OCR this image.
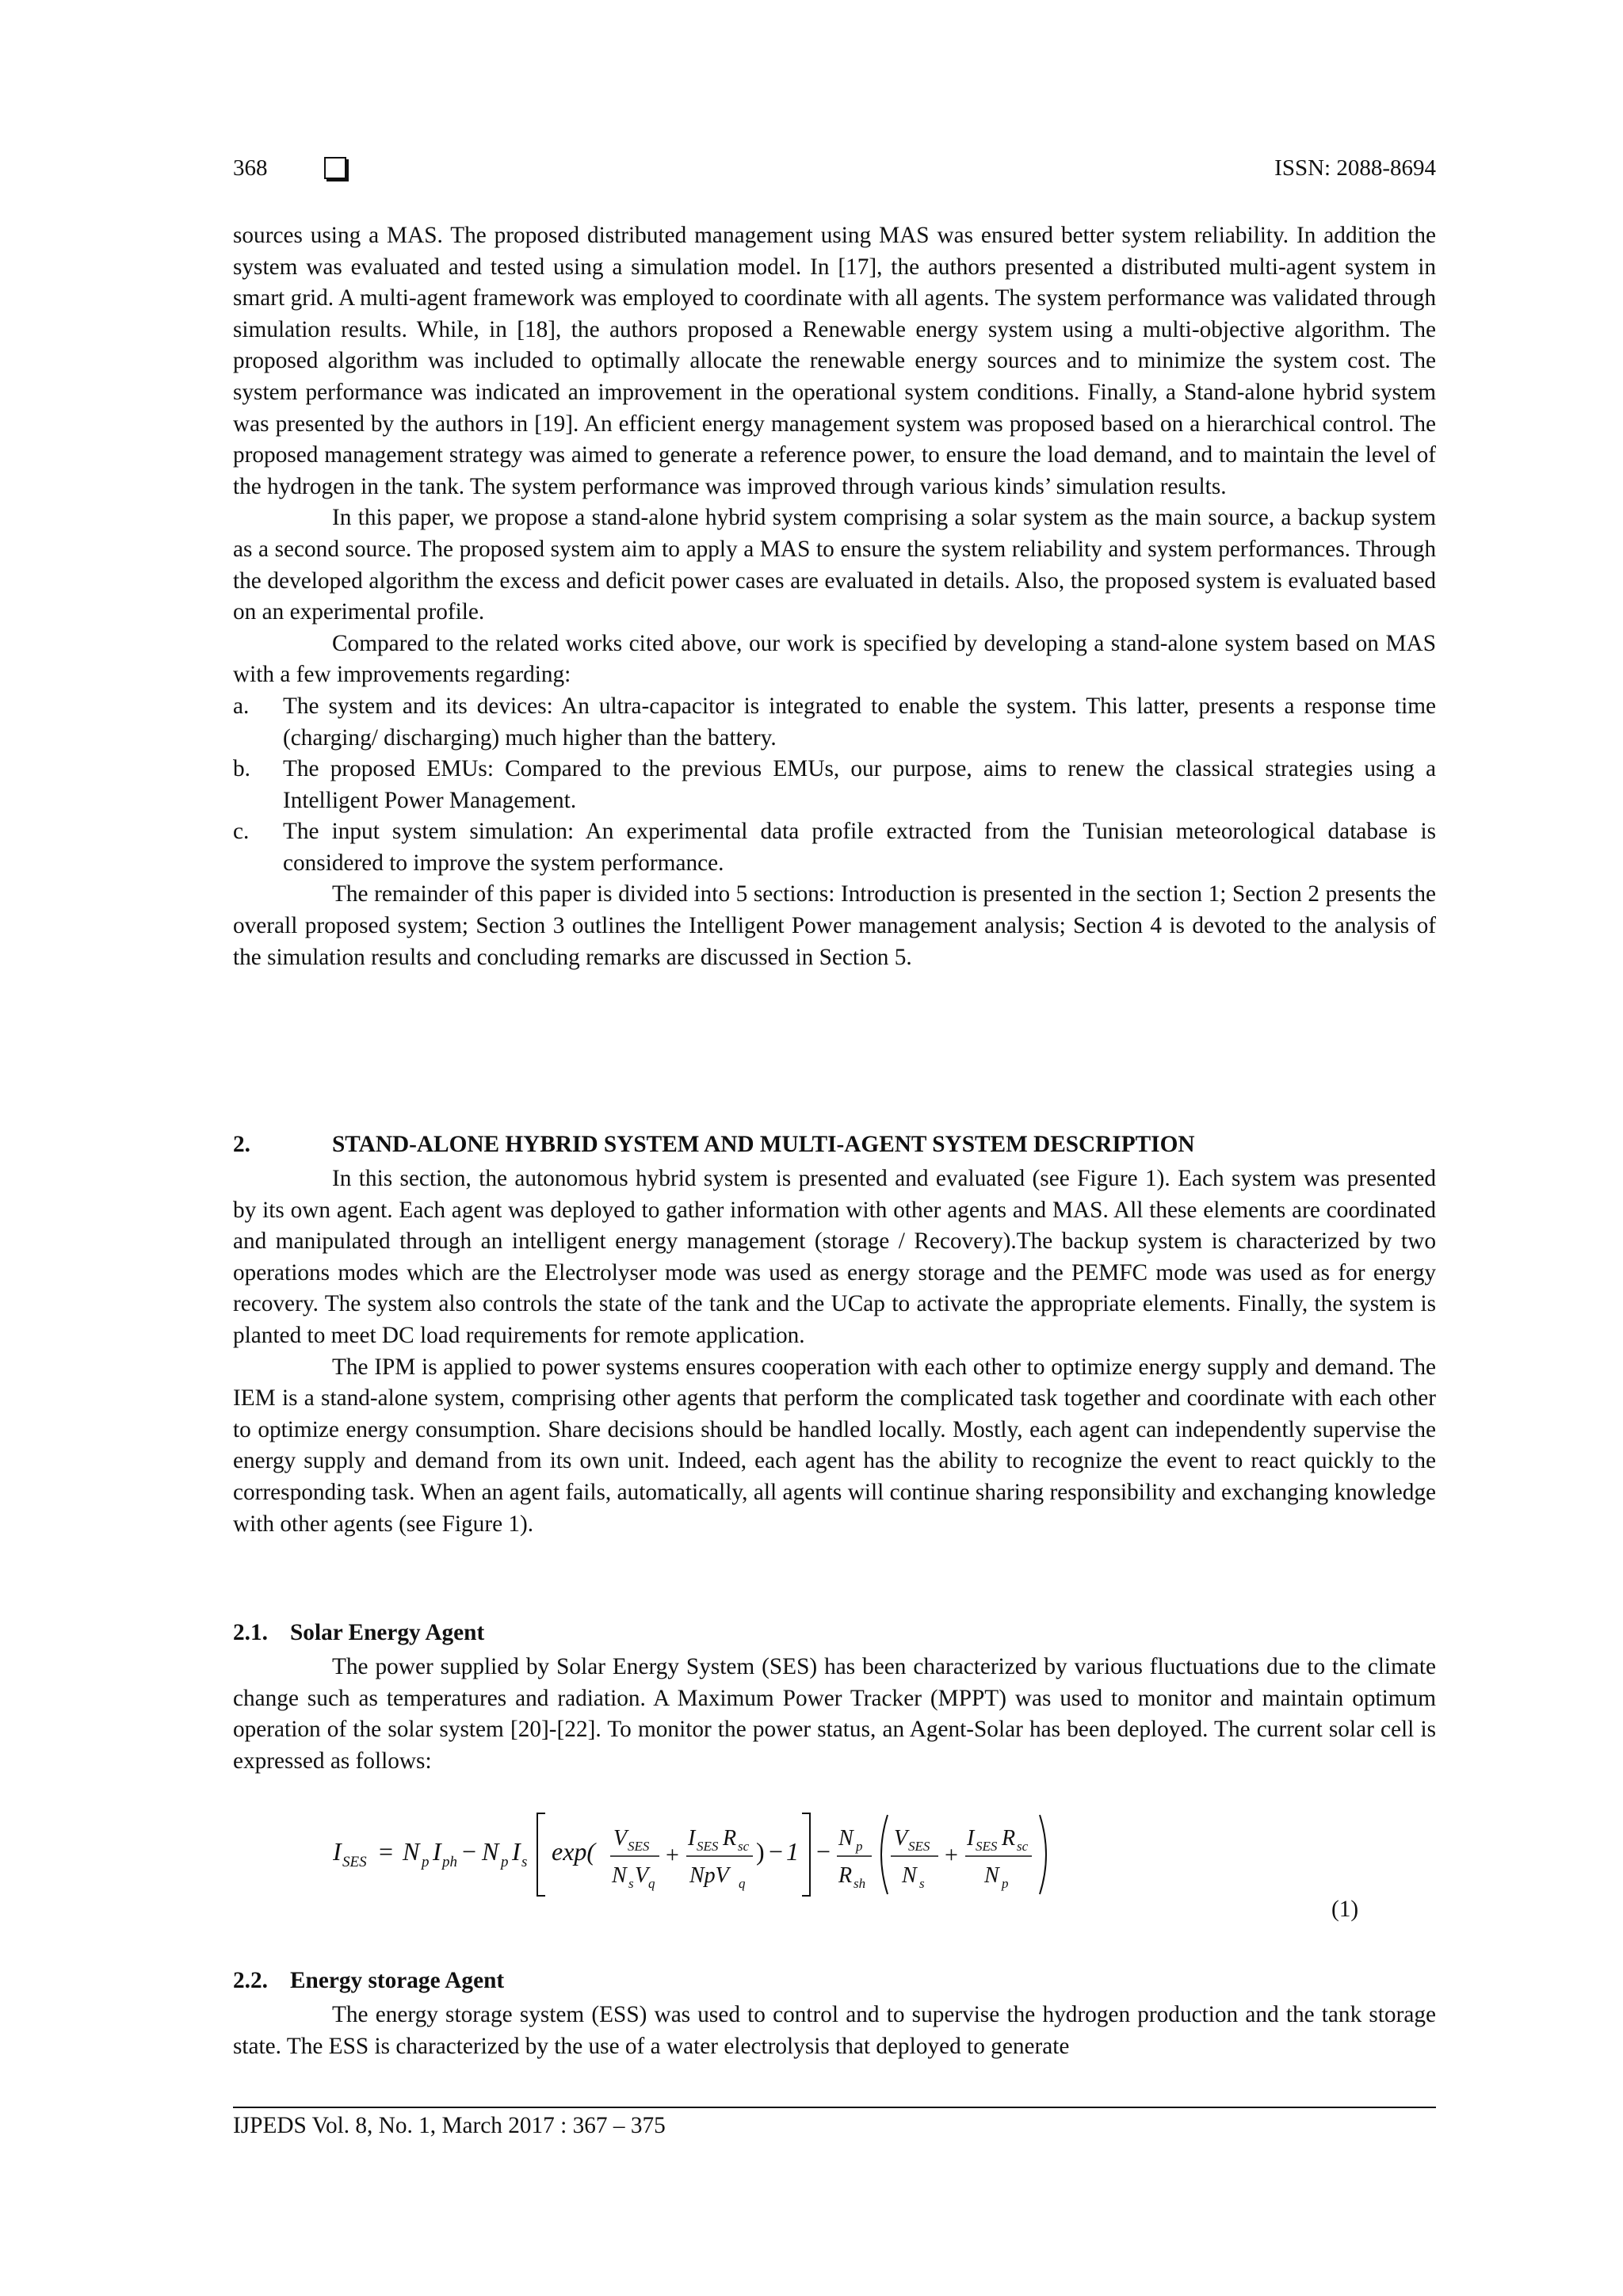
368	ISSN: 2088-8694

sources using a MAS. The proposed distributed management using MAS was ensured better system reliability. In addition the system was evaluated and tested using a simulation model. In [17], the authors presented a distributed multi-agent system in smart grid. A multi-agent framework was employed to coordinate with all agents. The system performance was validated through simulation results. While, in [18], the authors proposed a Renewable energy system using a multi-objective algorithm. The proposed algorithm was included to optimally allocate the renewable energy sources and to minimize the system cost. The system performance was indicated an improvement in the operational system conditions. Finally, a Stand-alone hybrid system was presented by the authors in [19]. An efficient energy management system was proposed based on a hierarchical control. The proposed management strategy was aimed to generate a reference power, to ensure the load demand, and to maintain the level of the hydrogen in the tank. The system performance was improved through various kinds’ simulation results.

In this paper, we propose a stand-alone hybrid system comprising a solar system as the main source, a backup system as a second source. The proposed system aim to apply a MAS to ensure the system reliability and system performances. Through the developed algorithm the excess and deficit power cases are evaluated in details. Also, the proposed system is evaluated based on an experimental profile.

Compared to the related works cited above, our work is specified by developing a stand-alone system based on MAS with a few improvements regarding:

a. The system and its devices: An ultra-capacitor is integrated to enable the system. This latter, presents a response time (charging/ discharging) much higher than the battery.
b. The proposed EMUs: Compared to the previous EMUs, our purpose, aims to renew the classical strategies using a Intelligent Power Management.
c. The input system simulation: An experimental data profile extracted from the Tunisian meteorological database is considered to improve the system performance.

The remainder of this paper is divided into 5 sections: Introduction is presented in the section 1; Section 2 presents the overall proposed system; Section 3 outlines the Intelligent Power management analysis; Section 4 is devoted to the analysis of the simulation results and concluding remarks are discussed in Section 5.

2.	STAND-ALONE HYBRID SYSTEM AND MULTI-AGENT SYSTEM DESCRIPTION

In this section, the autonomous hybrid system is presented and evaluated (see Figure 1). Each system was presented by its own agent. Each agent was deployed to gather information with other agents and MAS. All these elements are coordinated and manipulated through an intelligent energy management (storage / Recovery).The backup system is characterized by two operations modes which are the Electrolyser mode was used as energy storage and the PEMFC mode was used as for energy recovery. The system also controls the state of the tank and the UCap to activate the appropriate elements. Finally, the system is planted to meet DC load requirements for remote application.

The IPM is applied to power systems ensures cooperation with each other to optimize energy supply and demand. The IEM is a stand-alone system, comprising other agents that perform the complicated task together and coordinate with each other to optimize energy consumption. Share decisions should be handled locally. Mostly, each agent can independently supervise the energy supply and demand from its own unit. Indeed, each agent has the ability to recognize the event to react quickly to the corresponding task. When an agent fails, automatically, all agents will continue sharing responsibility and exchanging knowledge with other agents (see Figure 1).

2.1. Solar Energy Agent

The power supplied by Solar Energy System (SES) has been characterized by various fluctuations due to the climate change such as temperatures and radiation. A Maximum Power Tracker (MPPT) was used to monitor and maintain optimum operation of the solar system [20]-[22]. To monitor the power status, an Agent-Solar has been deployed. The current solar cell is expressed as follows:

I SES = N p I ph − N p I s exp( V SES
N s V q
+
I SES R sc
NpV q
) − 1 − N p
R sh
V SES
N s
+
I SES R sc
N p
(1)
2.2. Energy storage Agent

The energy storage system (ESS) was used to control and to supervise the hydrogen production and the tank storage state. The ESS is characterized by the use of a water electrolysis that deployed to generate

IJPEDS Vol. 8, No. 1, March 2017 : 367 – 375
